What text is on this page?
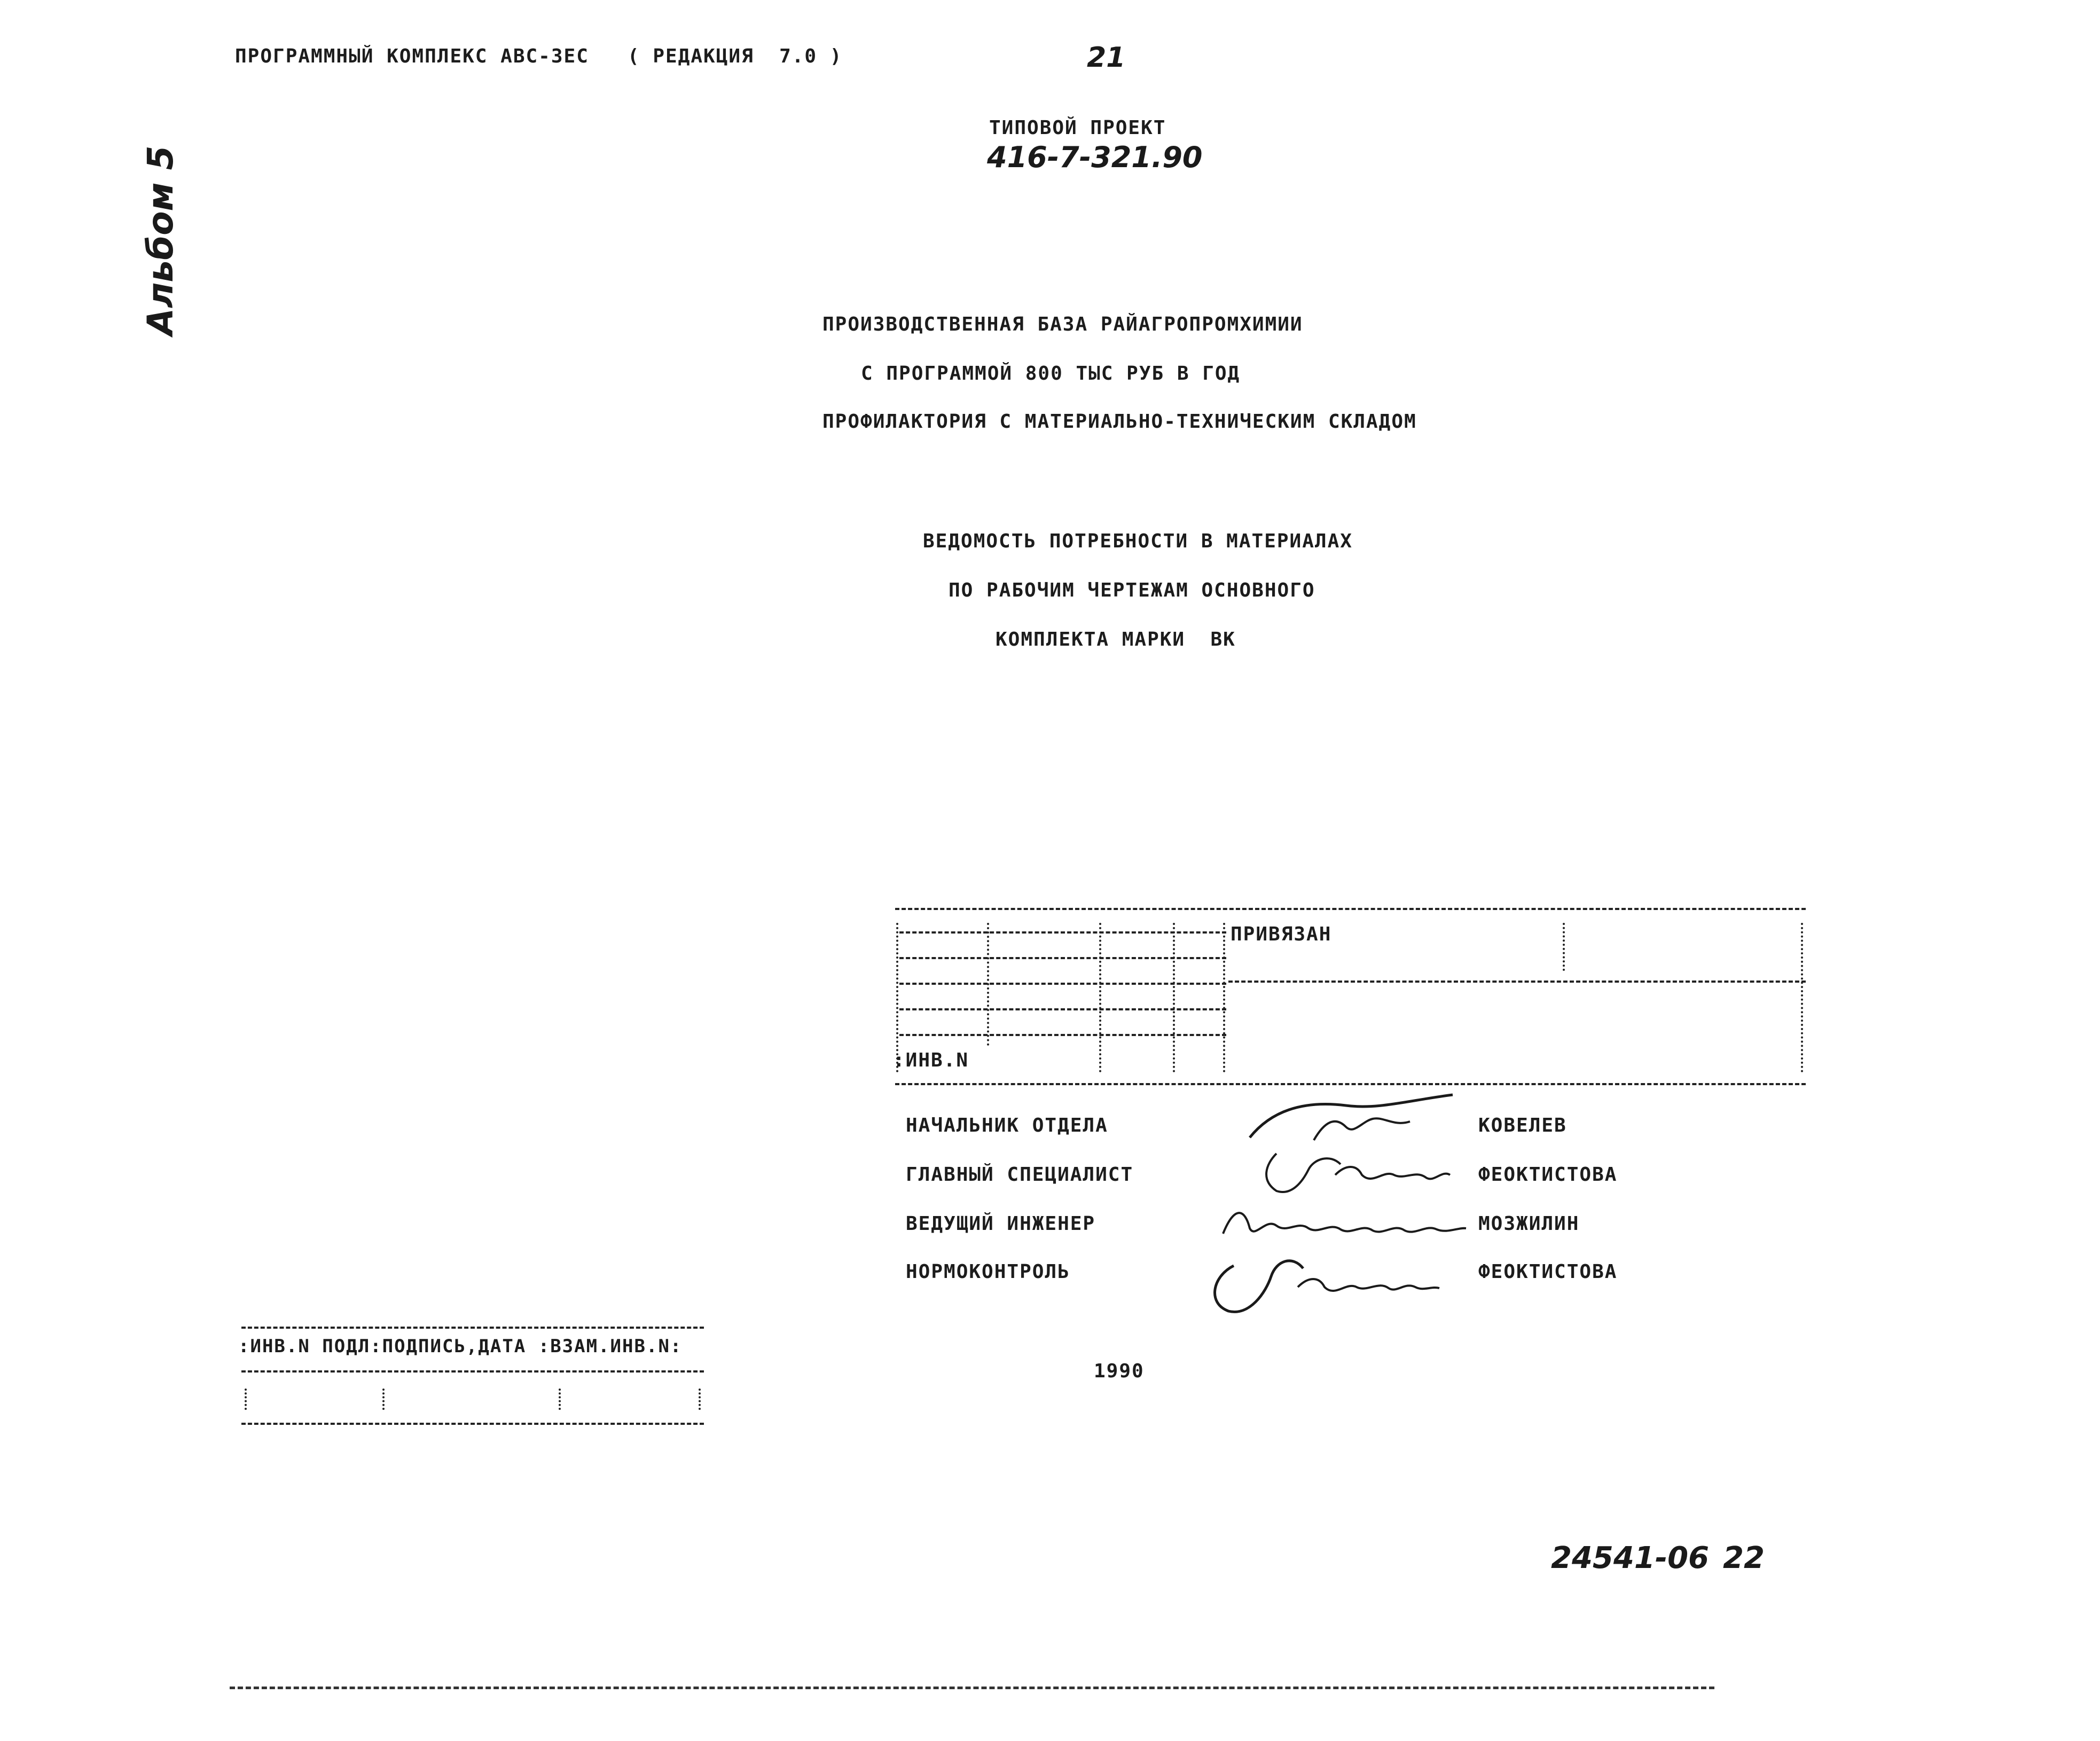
ПРОГРАММНЫЙ КОМПЛЕКС АВС-3ЕС ( РЕДАКЦИЯ  7.0 )	21
ТИПОВОЙ ПРОЕКТ
416-7-321.90
Альбом 5	ПРОИЗВОДСТВЕННАЯ БАЗА РАЙАГРОПРОМХИМИИ
С ПРОГРАММОЙ 800 ТЫС РУБ В ГОД
ПРОФИЛАКТОРИЯ С МАТЕРИАЛЬНО-ТЕХНИЧЕСКИМ СКЛАДОМ
ВЕДОМОСТЬ ПОТРЕБНОСТИ В МАТЕРИАЛАХ
ПО РАБОЧИМ ЧЕРТЕЖАМ ОСНОВНОГО
КОМПЛЕКТА МАРКИ  ВК
ПРИВЯЗАН
:ИНВ.N
НАЧАЛЬНИК ОТДЕЛА	КОВЕЛЕВ
ГЛАВНЫЙ СПЕЦИАЛИСТ	ФЕОКТИСТОВА
ВЕДУЩИЙ ИНЖЕНЕР	МОЗЖИЛИН
НОРМОКОНТРОЛЬ	ФЕОКТИСТОВА
1990
:ИНВ.N ПОДЛ:ПОДПИСЬ,ДАТА :ВЗАМ.ИНВ.N:
24541-06 22
